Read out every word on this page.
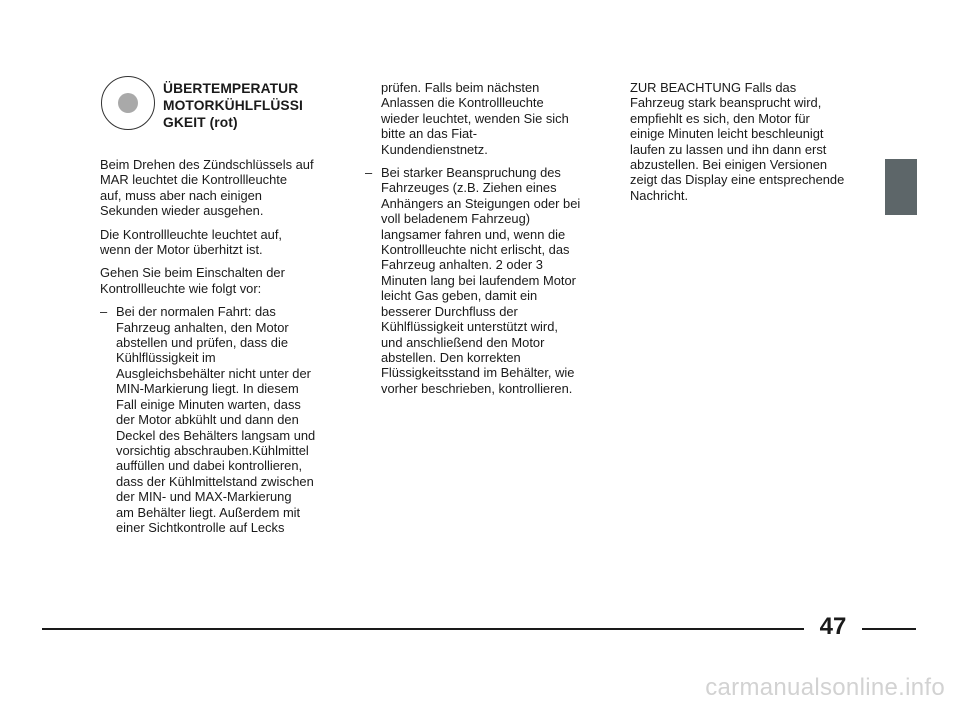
ÜBERTEMPERATUR
MOTORKÜHLFLÜSSI
GKEIT (rot)

Beim Drehen des Zündschlüssels auf
MAR leuchtet die Kontrollleuchte
auf, muss aber nach einigen
Sekunden wieder ausgehen.

Die Kontrollleuchte leuchtet auf,
wenn der Motor überhitzt ist.

Gehen Sie beim Einschalten der
Kontrollleuchte wie folgt vor:

– Bei der normalen Fahrt: das
Fahrzeug anhalten, den Motor
abstellen und prüfen, dass die
Kühlflüssigkeit im
Ausgleichsbehälter nicht unter der
MIN-Markierung liegt. In diesem
Fall einige Minuten warten, dass
der Motor abkühlt und dann den
Deckel des Behälters langsam und
vorsichtig abschrauben.Kühlmittel
auffüllen und dabei kontrollieren,
dass der Kühlmittelstand zwischen
der MIN- und MAX-Markierung
am Behälter liegt. Außerdem mit
einer Sichtkontrolle auf Lecks

prüfen. Falls beim nächsten
Anlassen die Kontrollleuchte
wieder leuchtet, wenden Sie sich
bitte an das Fiat-
Kundendienstnetz.

– Bei starker Beanspruchung des
Fahrzeuges (z.B. Ziehen eines
Anhängers an Steigungen oder bei
voll beladenem Fahrzeug)
langsamer fahren und, wenn die
Kontrollleuchte nicht erlischt, das
Fahrzeug anhalten. 2 oder 3
Minuten lang bei laufendem Motor
leicht Gas geben, damit ein
besserer Durchfluss der
Kühlflüssigkeit unterstützt wird,
und anschließend den Motor
abstellen. Den korrekten
Flüssigkeitsstand im Behälter, wie
vorher beschrieben, kontrollieren.

ZUR BEACHTUNG Falls das
Fahrzeug stark beansprucht wird,
empfiehlt es sich, den Motor für
einige Minuten leicht beschleunigt
laufen zu lassen und ihn dann erst
abzustellen. Bei einigen Versionen
zeigt das Display eine entsprechende
Nachricht.

47
carmanualsonline.info
